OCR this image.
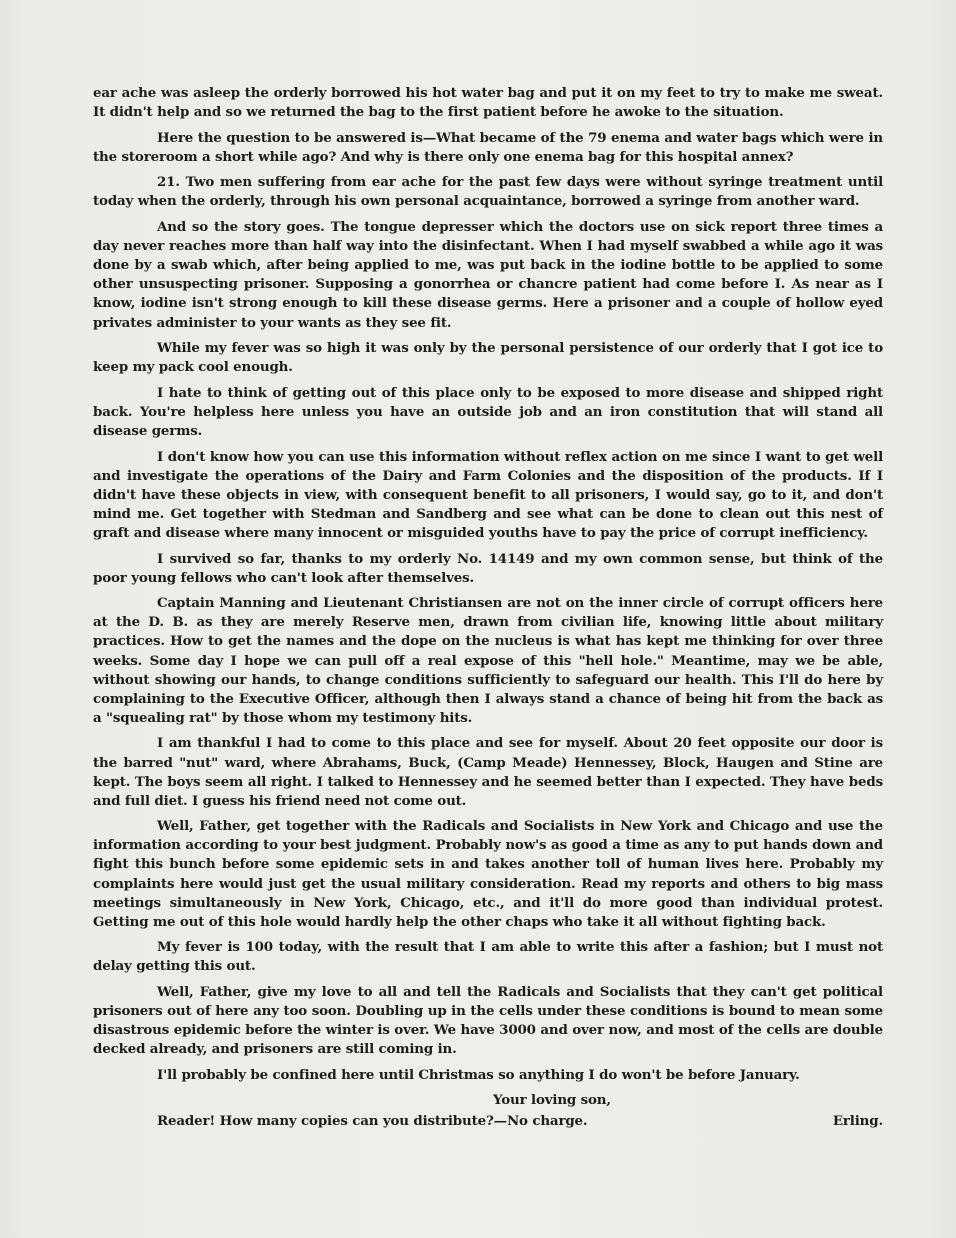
ear ache was asleep the orderly borrowed his hot water bag and put it on my feet to try to make me sweat. It didn't help and so we returned the bag to the first patient before he awoke to the situation.

Here the question to be answered is—What became of the 79 enema and water bags which were in the storeroom a short while ago? And why is there only one enema bag for this hospital annex?

21. Two men suffering from ear ache for the past few days were without syringe treatment until today when the orderly, through his own personal acquaintance, borrowed a syringe from another ward.

And so the story goes. The tongue depresser which the doctors use on sick report three times a day never reaches more than half way into the disinfectant. When I had myself swabbed a while ago it was done by a swab which, after being applied to me, was put back in the iodine bottle to be applied to some other unsuspecting prisoner. Supposing a gonorrhea or chancre patient had come before I. As near as I know, iodine isn't strong enough to kill these disease germs. Here a prisoner and a couple of hollow eyed privates administer to your wants as they see fit.

While my fever was so high it was only by the personal persistence of our orderly that I got ice to keep my pack cool enough.

I hate to think of getting out of this place only to be exposed to more disease and shipped right back. You're helpless here unless you have an outside job and an iron constitution that will stand all disease germs.

I don't know how you can use this information without reflex action on me since I want to get well and investigate the operations of the Dairy and Farm Colonies and the disposition of the products. If I didn't have these objects in view, with consequent benefit to all prisoners, I would say, go to it, and don't mind me. Get together with Stedman and Sandberg and see what can be done to clean out this nest of graft and disease where many innocent or misguided youths have to pay the price of corrupt inefficiency.

I survived so far, thanks to my orderly No. 14149 and my own common sense, but think of the poor young fellows who can't look after themselves.

Captain Manning and Lieutenant Christiansen are not on the inner circle of corrupt officers here at the D. B. as they are merely Reserve men, drawn from civilian life, knowing little about military practices. How to get the names and the dope on the nucleus is what has kept me thinking for over three weeks. Some day I hope we can pull off a real expose of this "hell hole." Meantime, may we be able, without showing our hands, to change conditions sufficiently to safeguard our health. This I'll do here by complaining to the Executive Officer, although then I always stand a chance of being hit from the back as a "squealing rat" by those whom my testimony hits.

I am thankful I had to come to this place and see for myself. About 20 feet opposite our door is the barred "nut" ward, where Abrahams, Buck, (Camp Meade) Hennessey, Block, Haugen and Stine are kept. The boys seem all right. I talked to Hennessey and he seemed better than I expected. They have beds and full diet. I guess his friend need not come out.

Well, Father, get together with the Radicals and Socialists in New York and Chicago and use the information according to your best judgment. Probably now's as good a time as any to put hands down and fight this bunch before some epidemic sets in and takes another toll of human lives here. Probably my complaints here would just get the usual military consideration. Read my reports and others to big mass meetings simultaneously in New York, Chicago, etc., and it'll do more good than individual protest. Getting me out of this hole would hardly help the other chaps who take it all without fighting back.

My fever is 100 today, with the result that I am able to write this after a fashion; but I must not delay getting this out.

Well, Father, give my love to all and tell the Radicals and Socialists that they can't get political prisoners out of here any too soon. Doubling up in the cells under these conditions is bound to mean some disastrous epidemic before the winter is over. We have 3000 and over now, and most of the cells are double decked already, and prisoners are still coming in.

I'll probably be confined here until Christmas so anything I do won't be before January.
Your loving son,
Reader! How many copies can you distribute?—No charge.	Erling.
